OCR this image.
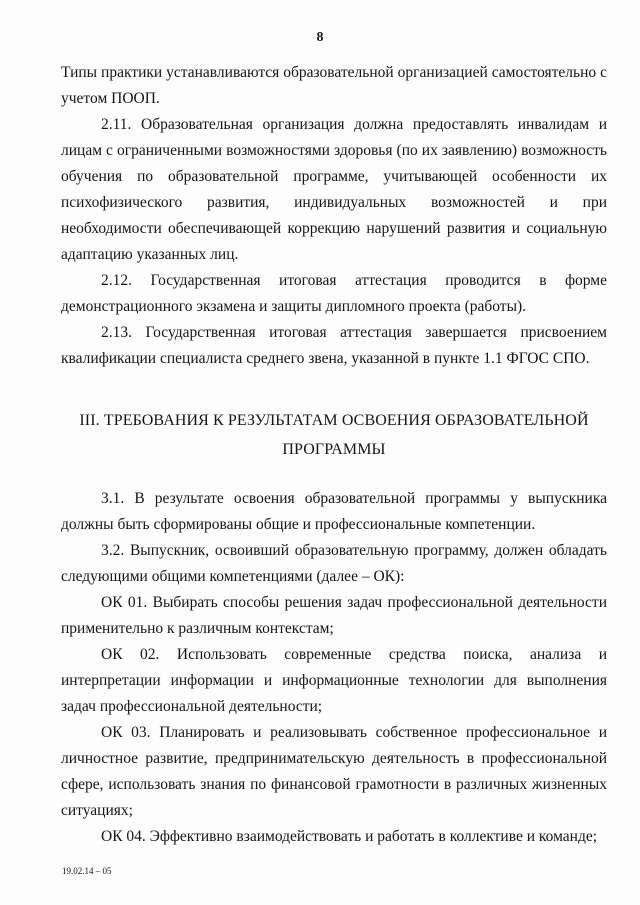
8

Типы практики устанавливаются образовательной организацией самостоятельно с учетом ПООП.

2.11. Образовательная организация должна предоставлять инвалидам и лицам с ограниченными возможностями здоровья (по их заявлению) возможность обучения по образовательной программе, учитывающей особенности их психофизического развития, индивидуальных возможностей и при необходимости обеспечивающей коррекцию нарушений развития и социальную адаптацию указанных лиц.

2.12. Государственная итоговая аттестация проводится в форме демонстрационного экзамена и защиты дипломного проекта (работы).

2.13. Государственная итоговая аттестация завершается присвоением квалификации специалиста среднего звена, указанной в пункте 1.1 ФГОС СПО.

III. ТРЕБОВАНИЯ К РЕЗУЛЬТАТАМ ОСВОЕНИЯ ОБРАЗОВАТЕЛЬНОЙ ПРОГРАММЫ

3.1. В результате освоения образовательной программы у выпускника должны быть сформированы общие и профессиональные компетенции.

3.2. Выпускник, освоивший образовательную программу, должен обладать следующими общими компетенциями (далее – ОК):

ОК 01. Выбирать способы решения задач профессиональной деятельности применительно к различным контекстам;

ОК 02. Использовать современные средства поиска, анализа и интерпретации информации и информационные технологии для выполнения задач профессиональной деятельности;

ОК 03. Планировать и реализовывать собственное профессиональное и личностное развитие, предпринимательскую деятельность в профессиональной сфере, использовать знания по финансовой грамотности в различных жизненных ситуациях;

ОК 04. Эффективно взаимодействовать и работать в коллективе и команде;

19.02.14 – 05
